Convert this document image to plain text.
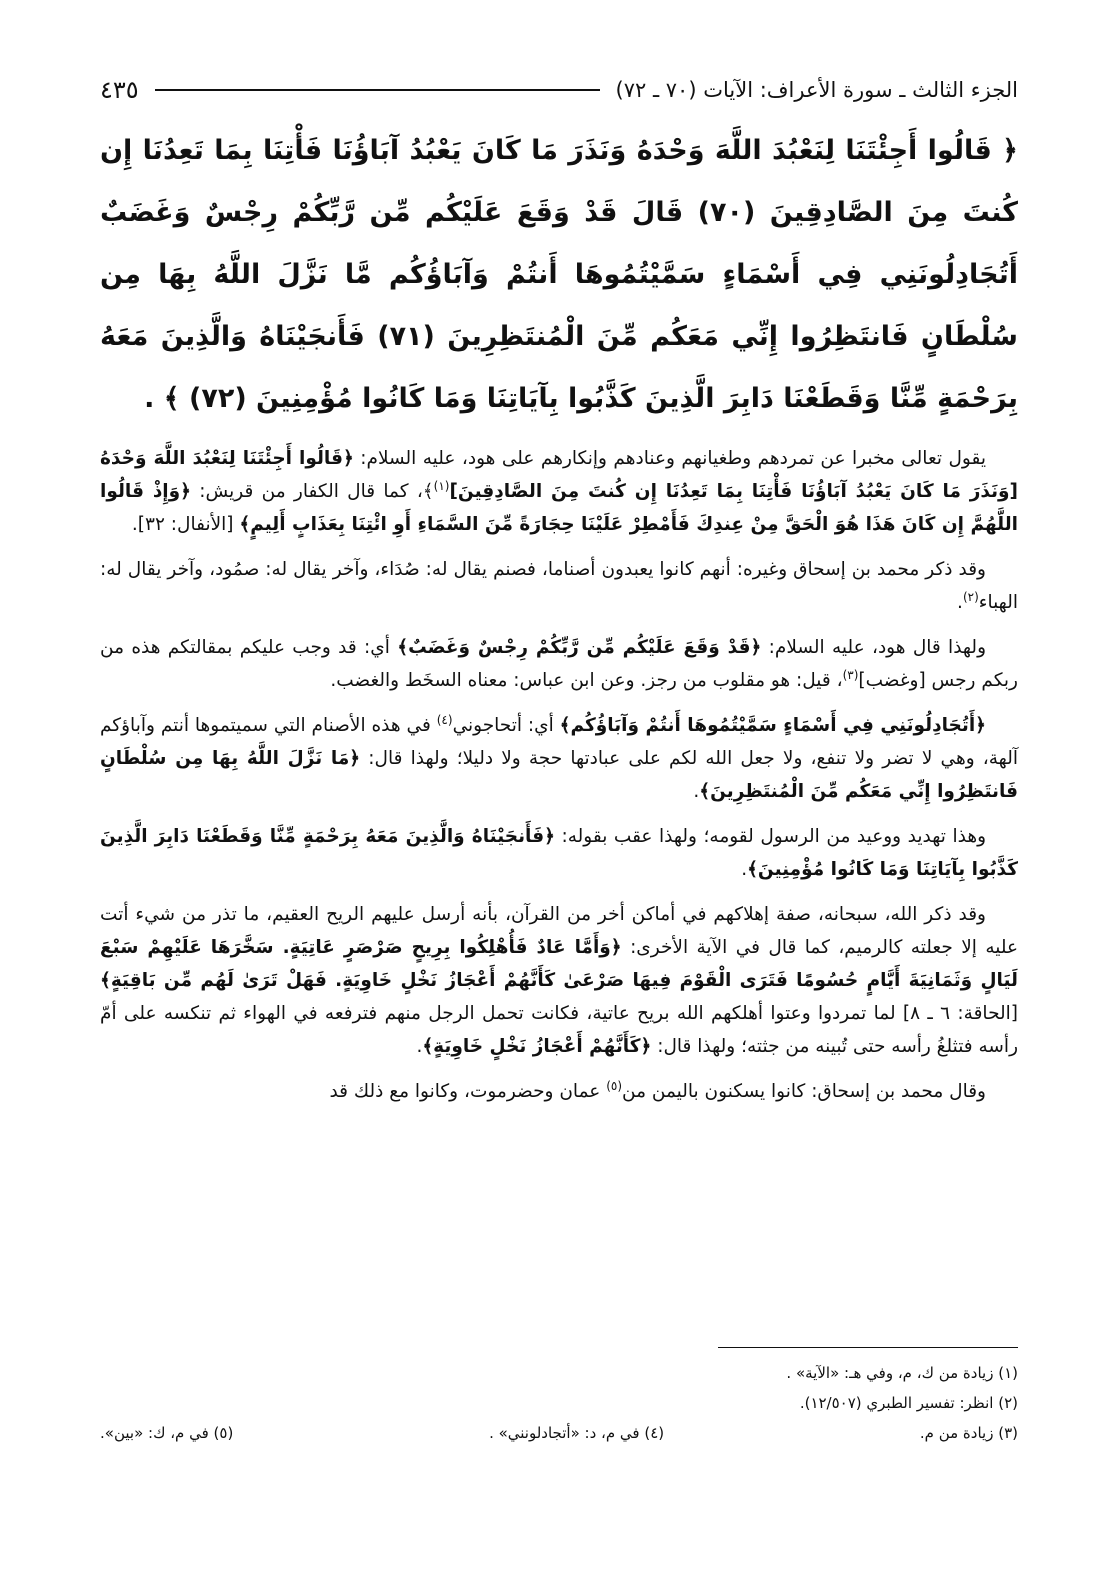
الجزء الثالث ـ سورة الأعراف: الآيات (٧٠ ـ ٧٢)
٤٣٥
﴿ قَالُوا أَجِئْتَنَا لِنَعْبُدَ اللَّهَ وَحْدَهُ وَنَذَرَ مَا كَانَ يَعْبُدُ آبَاؤُنَا فَأْتِنَا بِمَا تَعِدُنَا إِن كُنتَ مِنَ الصَّادِقِينَ (٧٠) قَالَ قَدْ وَقَعَ عَلَيْكُم مِّن رَّبِّكُمْ رِجْسٌ وَغَضَبٌ أَتُجَادِلُونَنِي فِي أَسْمَاءٍ سَمَّيْتُمُوهَا أَنتُمْ وَآبَاؤُكُم مَّا نَزَّلَ اللَّهُ بِهَا مِن سُلْطَانٍ فَانتَظِرُوا إِنِّي مَعَكُم مِّنَ الْمُنتَظِرِينَ (٧١) فَأَنجَيْنَاهُ وَالَّذِينَ مَعَهُ بِرَحْمَةٍ مِّنَّا وَقَطَعْنَا دَابِرَ الَّذِينَ كَذَّبُوا بِآيَاتِنَا وَمَا كَانُوا مُؤْمِنِينَ (٧٢) ﴾ .

يقول تعالى مخبرا عن تمردهم وطغيانهم وعنادهم وإنكارهم على هود، عليه السلام: ﴿قَالُوا أَجِئْتَنَا لِنَعْبُدَ اللَّهَ وَحْدَهُ [وَنَذَرَ مَا كَانَ يَعْبُدُ آبَاؤُنَا فَأْتِنَا بِمَا تَعِدُنَا إِن كُنتَ مِنَ الصَّادِقِينَ]$^{(١)}$﴾، كما قال الكفار من قريش: ﴿وَإِذْ قَالُوا اللَّهُمَّ إِن كَانَ هَذَا هُوَ الْحَقَّ مِنْ عِندِكَ فَأَمْطِرْ عَلَيْنَا حِجَارَةً مِّنَ السَّمَاءِ أَوِ ائْتِنَا بِعَذَابٍ أَلِيمٍ﴾ [الأنفال: ٣٢].

وقد ذكر محمد بن إسحاق وغيره: أنهم كانوا يعبدون أصناما، فصنم يقال له: صُدَاء، وآخر يقال له: صمُود، وآخر يقال له: الهباء$^{(٢)}$.

ولهذا قال هود، عليه السلام: ﴿قَدْ وَقَعَ عَلَيْكُم مِّن رَّبِّكُمْ رِجْسٌ وَغَضَبٌ﴾ أي: قد وجب عليكم بمقالتكم هذه من ربكم رجس [وغضب]$^{(٣)}$، قيل: هو مقلوب من رجز. وعن ابن عباس: معناه السخَط والغضب.

﴿أَتُجَادِلُونَنِي فِي أَسْمَاءٍ سَمَّيْتُمُوهَا أَنتُمْ وَآبَاؤُكُم﴾ أي: أتحاجوني$^{(٤)}$ في هذه الأصنام التي سميتموها أنتم وآباؤكم آلهة، وهي لا تضر ولا تنفع، ولا جعل الله لكم على عبادتها حجة ولا دليلا؛ ولهذا قال: ﴿مَا نَزَّلَ اللَّهُ بِهَا مِن سُلْطَانٍ فَانتَظِرُوا إِنِّي مَعَكُم مِّنَ الْمُنتَظِرِينَ﴾.

وهذا تهديد ووعيد من الرسول لقومه؛ ولهذا عقب بقوله: ﴿فَأَنجَيْنَاهُ وَالَّذِينَ مَعَهُ بِرَحْمَةٍ مِّنَّا وَقَطَعْنَا دَابِرَ الَّذِينَ كَذَّبُوا بِآيَاتِنَا وَمَا كَانُوا مُؤْمِنِينَ﴾.

وقد ذكر الله، سبحانه، صفة إهلاكهم في أماكن أخر من القرآن، بأنه أرسل عليهم الريح العقيم، ما تذر من شيء أتت عليه إلا جعلته كالرميم، كما قال في الآية الأخرى: ﴿وَأَمَّا عَادٌ فَأُهْلِكُوا بِرِيحٍ صَرْصَرٍ عَاتِيَةٍ. سَخَّرَهَا عَلَيْهِمْ سَبْعَ لَيَالٍ وَثَمَانِيَةَ أَيَّامٍ حُسُومًا فَتَرَى الْقَوْمَ فِيهَا صَرْعَىٰ كَأَنَّهُمْ أَعْجَازُ نَخْلٍ خَاوِيَةٍ. فَهَلْ تَرَىٰ لَهُم مِّن بَاقِيَةٍ﴾ [الحاقة: ٦ ـ ٨] لما تمردوا وعتوا أهلكهم الله بريح عاتية، فكانت تحمل الرجل منهم فترفعه في الهواء ثم تنكسه على أمّ رأسه فتثلغُ رأسه حتى تُبينه من جثته؛ ولهذا قال: ﴿كَأَنَّهُمْ أَعْجَازُ نَخْلٍ خَاوِيَةٍ﴾.

وقال محمد بن إسحاق: كانوا يسكنون باليمن من$^{(٥)}$ عمان وحضرموت، وكانوا مع ذلك قد

(١) زيادة من ك، م، وفي هـ: «الآية» .
(٢) انظر: تفسير الطبري (١٢/٥٠٧).
(٣) زيادة من م.
(٤) في م، د: «أتجادلونني» .
(٥) في م، ك: «بين».
